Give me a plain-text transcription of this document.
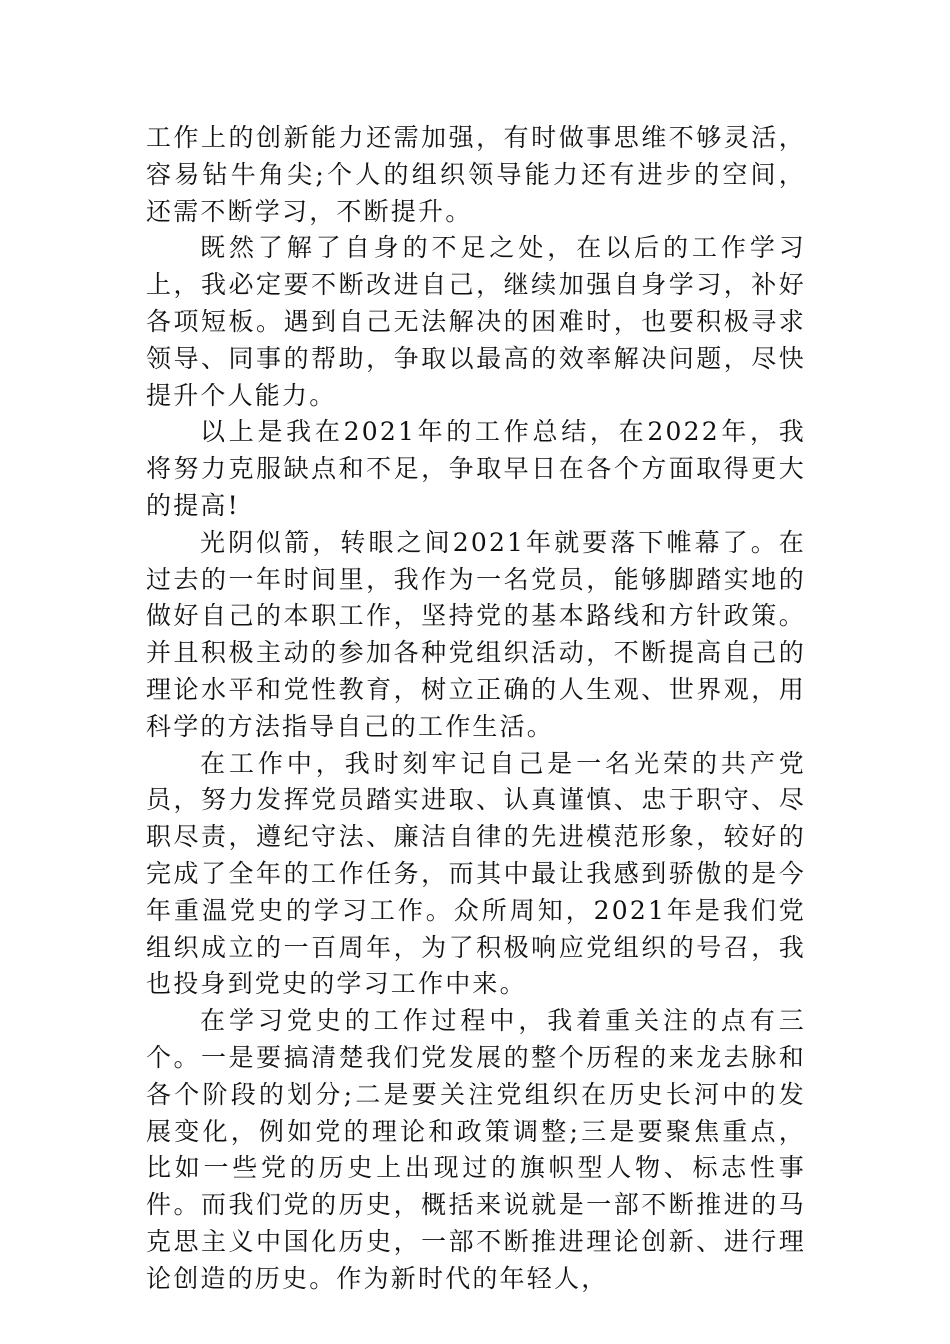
工作上的创新能力还需加强，有时做事思维不够灵活，容易钻牛角尖;个人的组织领导能力还有进步的空间，还需不断学习，不断提升。

既然了解了自身的不足之处，在以后的工作学习上，我必定要不断改进自己，继续加强自身学习，补好各项短板。遇到自己无法解决的困难时，也要积极寻求领导、同事的帮助，争取以最高的效率解决问题，尽快提升个人能力。

以上是我在2021年的工作总结，在2022年，我将努力克服缺点和不足，争取早日在各个方面取得更大的提高!

光阴似箭，转眼之间2021年就要落下帷幕了。在过去的一年时间里，我作为一名党员，能够脚踏实地的做好自己的本职工作，坚持党的基本路线和方针政策。并且积极主动的参加各种党组织活动，不断提高自己的理论水平和党性教育，树立正确的人生观、世界观，用科学的方法指导自己的工作生活。

在工作中，我时刻牢记自己是一名光荣的共产党员，努力发挥党员踏实进取、认真谨慎、忠于职守、尽职尽责，遵纪守法、廉洁自律的先进模范形象，较好的完成了全年的工作任务，而其中最让我感到骄傲的是今年重温党史的学习工作。众所周知，2021年是我们党组织成立的一百周年，为了积极响应党组织的号召，我也投身到党史的学习工作中来。

在学习党史的工作过程中，我着重关注的点有三个。一是要搞清楚我们党发展的整个历程的来龙去脉和各个阶段的划分;二是要关注党组织在历史长河中的发展变化，例如党的理论和政策调整;三是要聚焦重点，比如一些党的历史上出现过的旗帜型人物、标志性事件。而我们党的历史，概括来说就是一部不断推进的马克思主义中国化历史，一部不断推进理论创新、进行理论创造的历史。作为新时代的年轻人，
